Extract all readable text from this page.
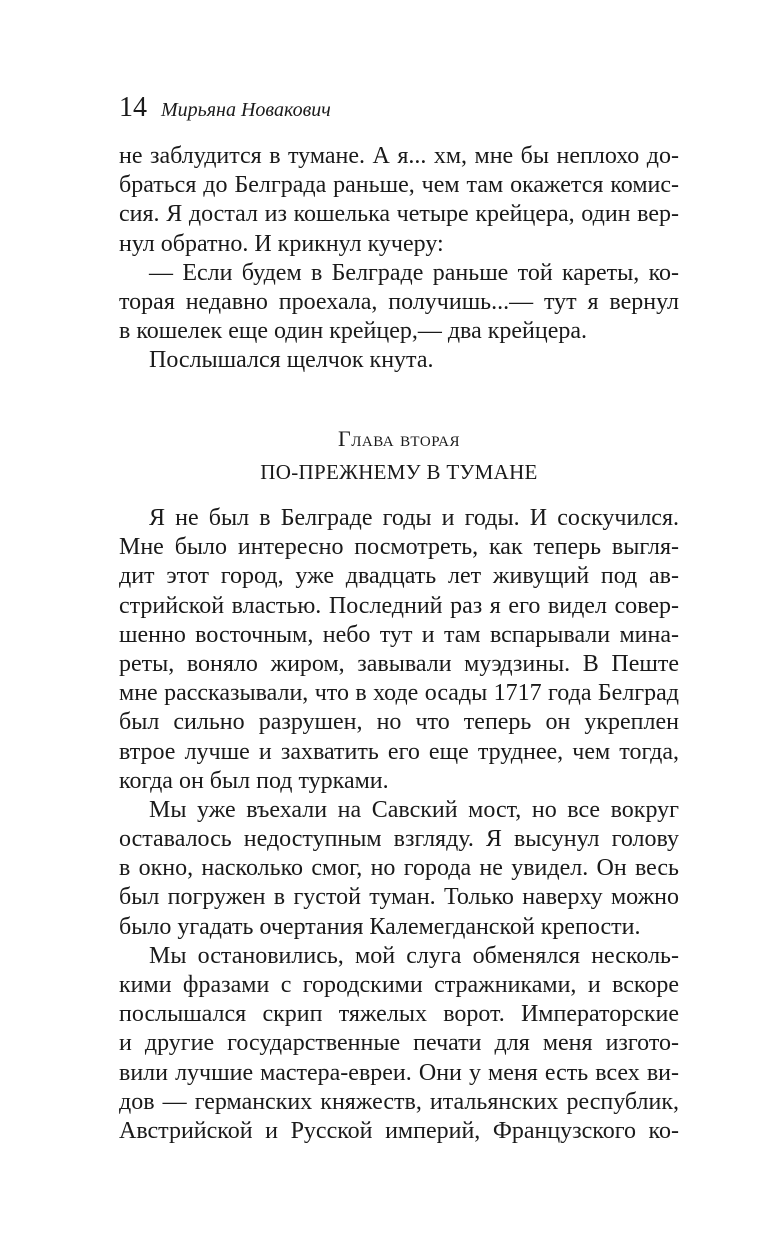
14 Мирьяна Новакович
не заблудится в тумане. А я... хм, мне бы неплохо до-
браться до Белграда раньше, чем там окажется комис-
сия. Я достал из кошелька четыре крейцера, один вер-
нул обратно. И крикнул кучеру:
— Если будем в Белграде раньше той кареты, ко-
торая недавно проехала, получишь...— тут я вернул
в кошелек еще один крейцер,— два крейцера.
Послышался щелчок кнута.
Глава вторая
ПО-ПРЕЖНЕМУ В ТУМАНЕ
Я не был в Белграде годы и годы. И соскучился.
Мне было интересно посмотреть, как теперь выгля-
дит этот город, уже двадцать лет живущий под ав-
стрийской властью. Последний раз я его видел совер-
шенно восточным, небо тут и там вспарывали мина-
реты, воняло жиром, завывали муэдзины. В Пеште
мне рассказывали, что в ходе осады 1717 года Белград
был сильно разрушен, но что теперь он укреплен
втрое лучше и захватить его еще труднее, чем тогда,
когда он был под турками.
Мы уже въехали на Савский мост, но все вокруг
оставалось недоступным взгляду. Я высунул голову
в окно, насколько смог, но города не увидел. Он весь
был погружен в густой туман. Только наверху можно
было угадать очертания Калемегданской крепости.
Мы остановились, мой слуга обменялся несколь-
кими фразами с городскими стражниками, и вскоре
послышался скрип тяжелых ворот. Императорские
и другие государственные печати для меня изгото-
вили лучшие мастера-евреи. Они у меня есть всех ви-
дов — германских княжеств, итальянских республик,
Австрийской и Русской империй, Французского ко-
